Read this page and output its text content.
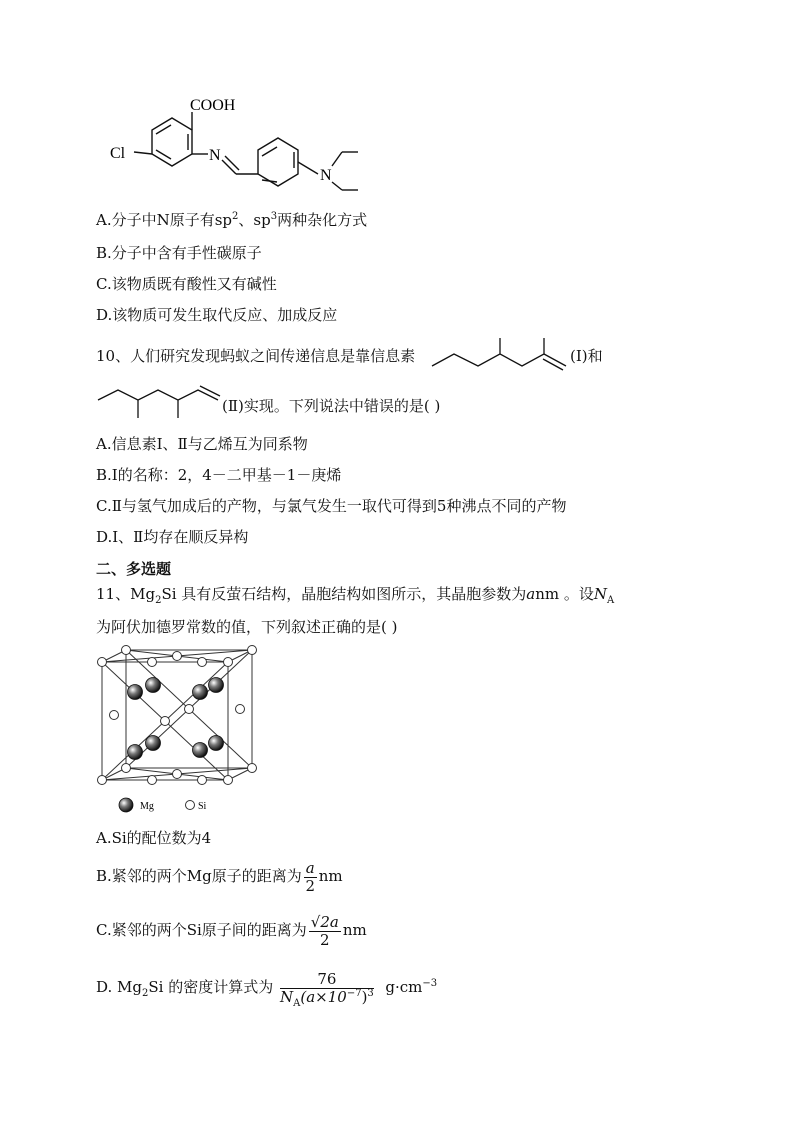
COOH
Cl	N
N
A.分子中N原子有$sp^2$、$sp^3$两种杂化方式
B.分子中含有手性碳原子
C.该物质既有酸性又有碱性
D.该物质可发生取代反应、加成反应
10、人们研究发现蚂蚁之间传递信息是靠信息素	(Ⅰ)和
(Ⅱ)实现。下列说法中错误的是( )
A.信息素Ⅰ、Ⅱ与乙烯互为同系物
B.Ⅰ的名称：2，4－二甲基－1－庚烯
C.Ⅱ与氢气加成后的产物，与氯气发生一取代可得到5种沸点不同的产物
D.Ⅰ、Ⅱ均存在顺反异构
二、多选题
11、$Mg_2Si$ 具有反萤石结构，晶胞结构如图所示，其晶胞参数为anm 。设$N_A$
为阿伏加德罗常数的值，下列叙述正确的是( )
Mg	Si
A.Si的配位数为4
B.紧邻的两个Mg原子的距离为 $\frac{a}{2}$ nm
C.紧邻的两个Si原子间的距离为 $\frac{√2a}{2}$ nm
D. $Mg_2Si$ 的密度计算式为 $\frac{76}{N_A(a\times 10^{-7})^3} g\cdot cm^{-3}$
